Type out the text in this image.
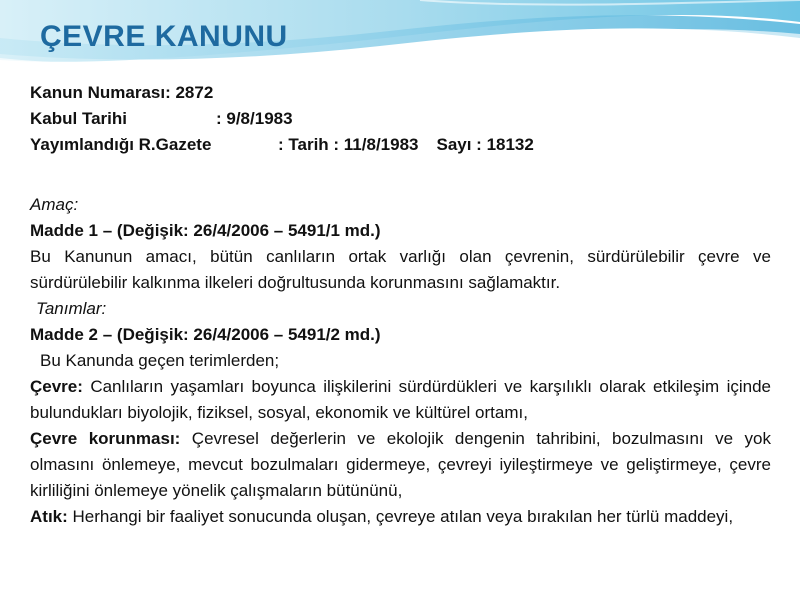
ÇEVRE KANUNU

Kanun Numarası: 2872

Kabul Tarihi	: 9/8/1983

Yayımlandığı R.Gazete	: Tarih : 11/8/1983 Sayı : 18132

Amaç:

Madde 1 – (Değişik: 26/4/2006 – 5491/1 md.)

Bu Kanunun amacı, bütün canlıların ortak varlığı olan çevrenin, sürdürülebilir çevre ve sürdürülebilir kalkınma ilkeleri doğrultusunda korunmasını sağlamaktır.

Tanımlar:

Madde 2 – (Değişik: 26/4/2006 – 5491/2 md.)

Bu Kanunda geçen terimlerden;

Çevre: Canlıların yaşamları boyunca ilişkilerini sürdürdükleri ve karşılıklı olarak etkileşim içinde bulundukları biyolojik, fiziksel, sosyal, ekonomik ve kültürel ortamı,

Çevre korunması: Çevresel değerlerin ve ekolojik dengenin tahribini, bozulmasını ve yok olmasını önlemeye, mevcut bozulmaları gidermeye, çevreyi iyileştirmeye ve geliştirmeye, çevre kirliliğini önlemeye yönelik çalışmaların bütününü,

Atık: Herhangi bir faaliyet sonucunda oluşan, çevreye atılan veya bırakılan her türlü maddeyi,
